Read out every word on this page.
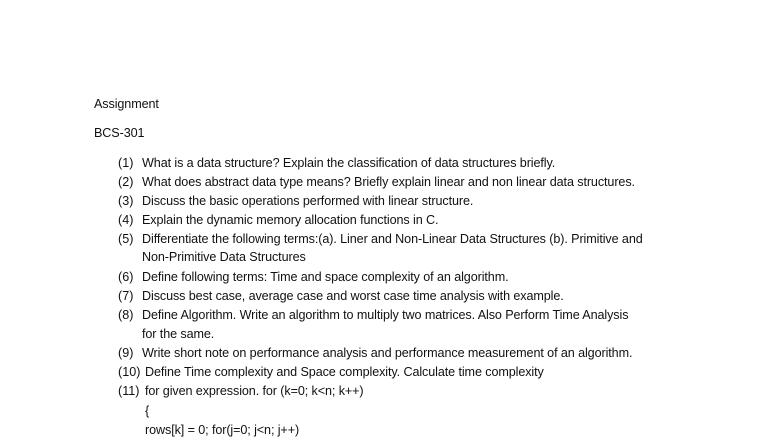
Assignment
BCS-301
(1) What is a data structure? Explain the classification of data structures briefly.
(2) What does abstract data type means? Briefly explain linear and non linear data structures.
(3) Discuss the basic operations performed with linear structure.
(4) Explain the dynamic memory allocation functions in C.
(5) Differentiate the following terms:(a). Liner and Non-Linear Data Structures (b). Primitive and
Non-Primitive Data Structures
(6) Define following terms: Time and space complexity of an algorithm.
(7) Discuss best case, average case and worst case time analysis with example.
(8) Define Algorithm. Write an algorithm to multiply two matrices. Also Perform Time Analysis
for the same.
(9) Write short note on performance analysis and performance measurement of an algorithm.
(10) Define Time complexity and Space complexity. Calculate time complexity
(11) for given expression. for (k=0; k<n; k++)
{
rows[k] = 0; for(j=0; j<n; j++)
